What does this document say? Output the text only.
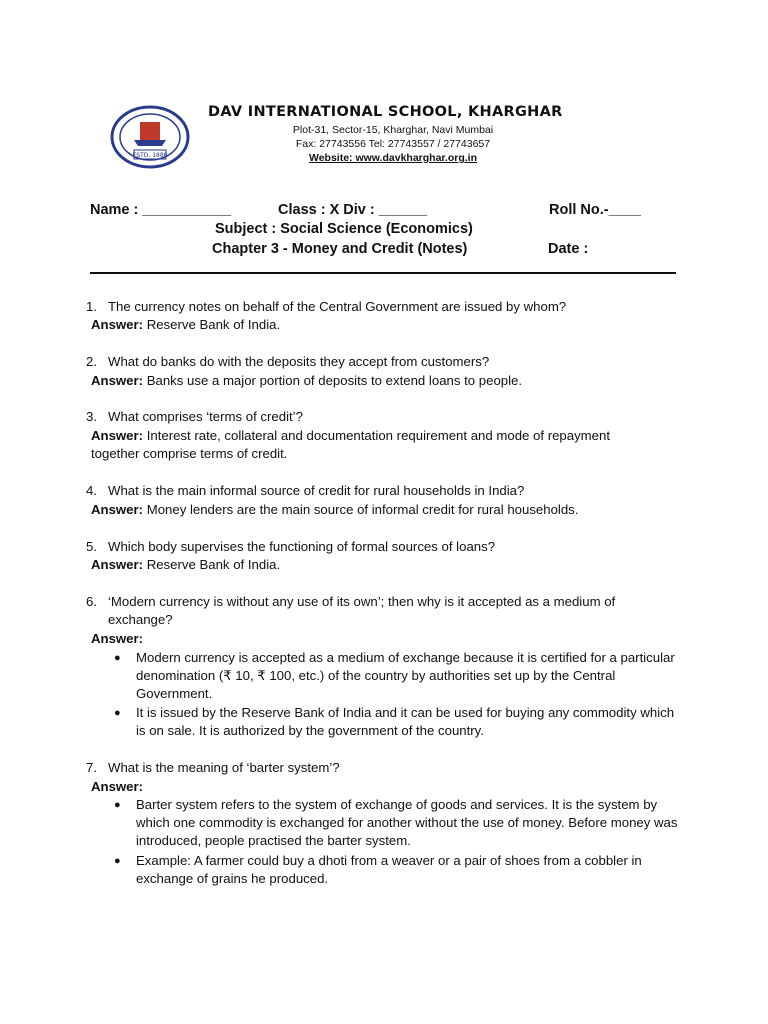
ESTD. 1886
DAV INTERNATIONAL SCHOOL, KHARGHAR
Plot-31, Sector-15, Kharghar, Navi Mumbai
Fax: 27743556 Tel: 27743557 / 27743657
Website: www.davkharghar.org.in
Name : ___________	Class : X Div : ______	Roll No.-____
Subject : Social Science (Economics)
Chapter 3 - Money and Credit (Notes)	Date :
1. The currency notes on behalf of the Central Government are issued by whom?
Answer: Reserve Bank of India.
2. What do banks do with the deposits they accept from customers?
Answer: Banks use a major portion of deposits to extend loans to people.
3. What comprises ‘terms of credit’?
Answer: Interest rate, collateral and documentation requirement and mode of repayment together comprise terms of credit.
4. What is the main informal source of credit for rural households in India?
Answer: Money lenders are the main source of informal credit for rural households.
5. Which body supervises the functioning of formal sources of loans?
Answer: Reserve Bank of India.
6. ‘Modern currency is without any use of its own’; then why is it accepted as a medium of exchange?
Answer:
● Modern currency is accepted as a medium of exchange because it is certified for a particular denomination (₹ 10, ₹ 100, etc.) of the country by authorities set up by the Central Government.
● It is issued by the Reserve Bank of India and it can be used for buying any commodity which is on sale. It is authorized by the government of the country.
7. What is the meaning of ‘barter system’?
Answer:
● Barter system refers to the system of exchange of goods and services. It is the system by which one commodity is exchanged for another without the use of money. Before money was introduced, people practised the barter system.
● Example: A farmer could buy a dhoti from a weaver or a pair of shoes from a cobbler in exchange of grains he produced.
